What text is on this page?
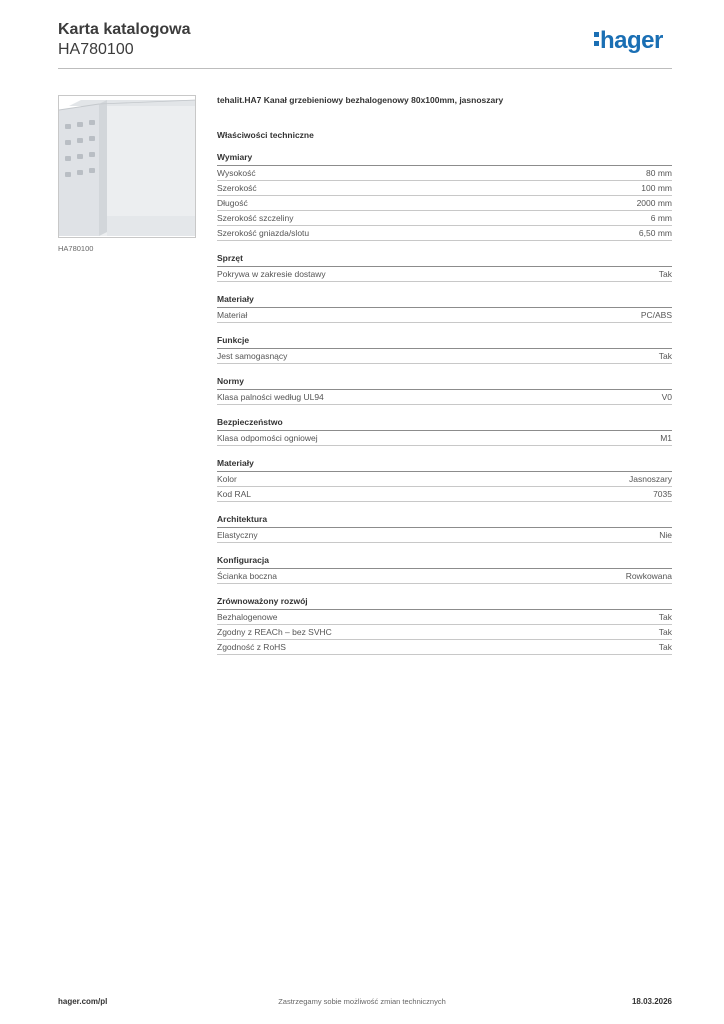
Karta katalogowa
HA780100	hager
HA780100
tehalit.HA7 Kanał grzebieniowy bezhalogenowy 80x100mm, jasnoszary
Właściwości techniczne
Wymiary
Wysokość	80 mm
Szerokość	100 mm
Długość	2000 mm
Szerokość szczeliny	6 mm
Szerokość gniazda/slotu	6,50 mm
Sprzęt
Pokrywa w zakresie dostawy	Tak
Materiały
Materiał	PC/ABS
Funkcje
Jest samogasnący	Tak
Normy
Klasa palności według UL94	V0
Bezpieczeństwo
Klasa odpomości ogniowej	M1
Materiały
Kolor	Jasnoszary
Kod RAL	7035
Architektura
Elastyczny	Nie
Konfiguracja
Ścianka boczna	Rowkowana
Zrównoważony rozwój
Bezhalogenowe	Tak
Zgodny z REACh – bez SVHC	Tak
Zgodność z RoHS	Tak
hager.com/pl	Zastrzegamy sobie możliwość zmian technicznych	18.03.2026
